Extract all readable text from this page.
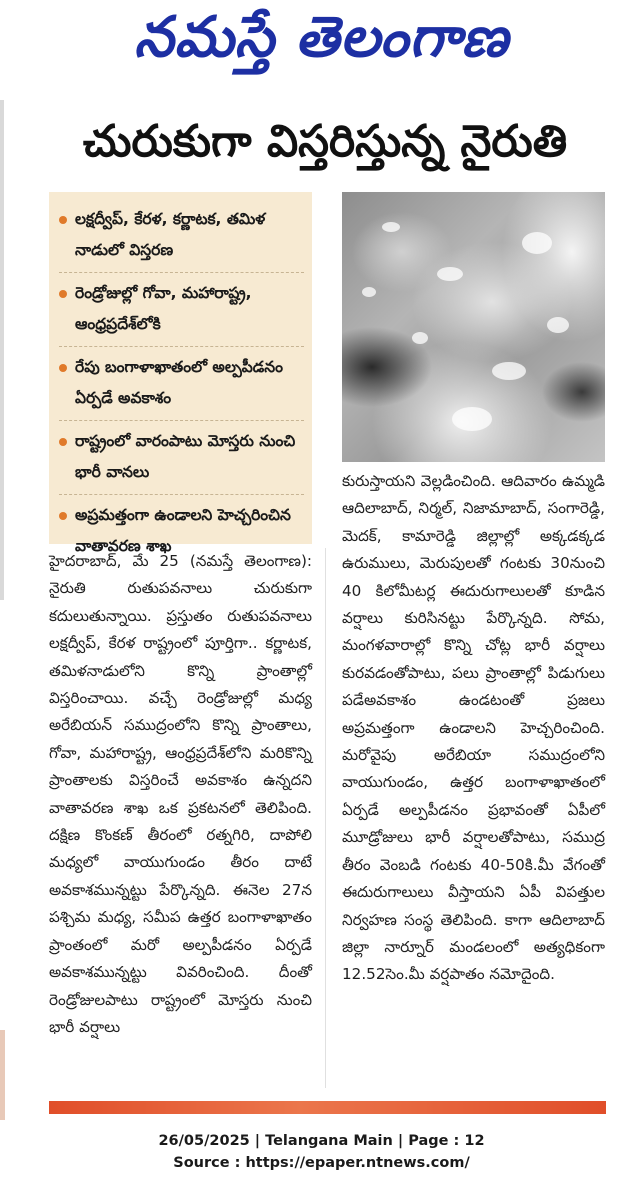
నమస్తే తెలంగాణ
చురుకుగా విస్తరిస్తున్న నైరుతి
లక్షద్వీప్, కేరళ, కర్ణాటక, తమిళ నాడులో విస్తరణ
రెండ్రోజుల్లో గోవా, మహారాష్ట్ర, ఆంధ్రప్రదేశ్‌లోకి
రేపు బంగాళాఖాతంలో అల్పపీడనం ఏర్పడే అవకాశం
రాష్ట్రంలో వారంపాటు మోస్తరు నుంచి భారీ వానలు
అప్రమత్తంగా ఉండాలని హెచ్చరించిన వాతావరణ శాఖ

హైదరాబాద్, మే 25 (నమస్తే తెలంగాణ): నైరుతి రుతుపవనాలు చురుకుగా కదులుతున్నాయి. ప్రస్తుతం రుతుపవనాలు లక్షద్వీప్, కేరళ రాష్ట్రంలో పూర్తిగా.. కర్ణాటక, తమిళనాడులోని కొన్ని ప్రాంతాల్లో విస్తరించాయి. వచ్చే రెండ్రోజుల్లో మధ్య అరేబియన్ సముద్రంలోని కొన్ని ప్రాంతాలు, గోవా, మహారాష్ట్ర, ఆంధ్రప్రదేశ్‌లోని మరికొన్ని ప్రాంతాలకు విస్తరించే అవకాశం ఉన్నదని వాతావరణ శాఖ ఒక ప్రకటనలో తెలిపింది. దక్షిణ కొంకణ్ తీరంలో రత్నగిరి, దాపోలి మధ్యలో వాయుగుండం తీరం దాటే అవకాశమున్నట్టు పేర్కొన్నది. ఈనెల 27న పశ్చిమ మధ్య, సమీప ఉత్తర బంగాళాఖాతం ప్రాంతంలో మరో అల్పపీడనం ఏర్పడే అవకాశమున్నట్టు వివరించింది. దీంతో రెండ్రోజులపాటు రాష్ట్రంలో మోస్తరు నుంచి భారీ వర్షాలు

కురుస్తాయని వెల్లడించింది. ఆదివారం ఉమ్మడి ఆదిలాబాద్, నిర్మల్, నిజామాబాద్, సంగారెడ్డి, మెదక్, కామారెడ్డి జిల్లాల్లో అక్కడక్కడ ఉరుములు, మెరుపులతో గంటకు 30నుంచి 40 కిలోమీటర్ల ఈదురుగాలులతో కూడిన వర్షాలు కురిసినట్టు పేర్కొన్నది. సోమ, మంగళవారాల్లో కొన్ని చోట్ల భారీ వర్షాలు కురవడంతోపాటు, పలు ప్రాంతాల్లో పిడుగులు పడేఅవకాశం ఉండటంతో ప్రజలు అప్రమత్తంగా ఉండాలని హెచ్చరించింది. మరోవైపు అరేబియా సముద్రంలోని వాయుగుండం, ఉత్తర బంగాళాఖాతంలో ఏర్పడే అల్పపీడనం ప్రభావంతో ఏపీలో మూడ్రోజులు భారీ వర్షాలతోపాటు, సముద్ర తీరం వెంబడి గంటకు 40-50కి.మీ వేగంతో ఈదురుగాలులు వీస్తాయని ఏపీ విపత్తుల నిర్వహణ సంస్థ తెలిపింది. కాగా ఆదిలాబాద్ జిల్లా నార్నూర్ మండలంలో అత్యధికంగా 12.52సెం.మీ వర్షపాతం నమోదైంది.

26/05/2025 | Telangana Main | Page : 12
Source : https://epaper.ntnews.com/
